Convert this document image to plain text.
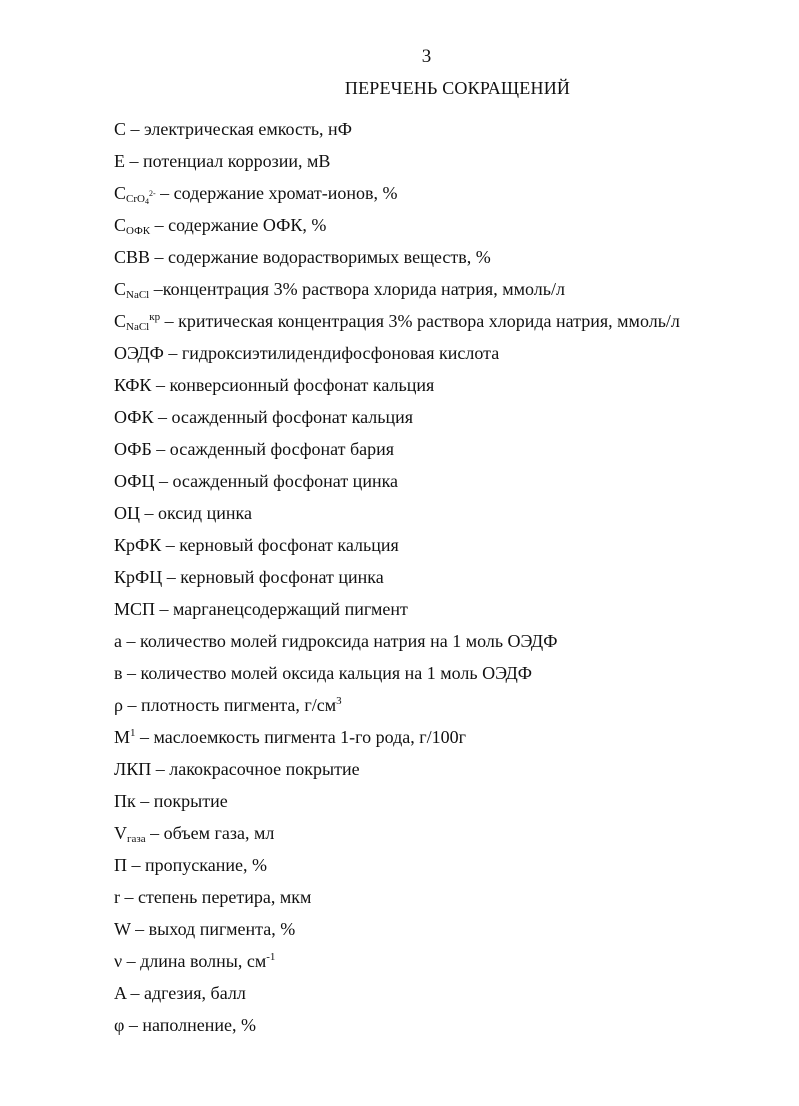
3
ПЕРЕЧЕНЬ СОКРАЩЕНИЙ
C – электрическая емкость, нФ
E – потенциал коррозии, мВ
$C_{CrO4^{2-}}$ – содержание хромат-ионов, %
$C_{ОФК}$ – содержание ОФК, %
СВВ – содержание водорастворимых веществ, %
$C_{NaCl}$ –концентрация 3% раствора хлорида натрия, ммоль/л
$C_{NaCl}^{кр}$ – критическая концентрация 3% раствора хлорида натрия, ммоль/л
ОЭДФ – гидроксиэтилидендифосфоновая кислота
КФК – конверсионный фосфонат кальция
ОФК – осажденный фосфонат кальция
ОФБ – осажденный фосфонат бария
ОФЦ – осажденный фосфонат цинка
ОЦ – оксид цинка
КрФК – керновый фосфонат кальция
КрФЦ – керновый фосфонат цинка
МСП – марганецсодержащий пигмент
а – количество молей гидроксида натрия на 1 моль ОЭДФ
в – количество молей оксида кальция на 1 моль ОЭДФ
ρ – плотность пигмента, $г/см^3$
$M^1$ – маслоемкость пигмента 1-го рода, г/100г
ЛКП – лакокрасочное покрытие
Пк – покрытие
$V_{газа}$ – объем газа, мл
П – пропускание, %
r – степень перетира, мкм
W – выход пигмента, %
ν – длина волны, $см^{-1}$
A – адгезия, балл
φ – наполнение, %
